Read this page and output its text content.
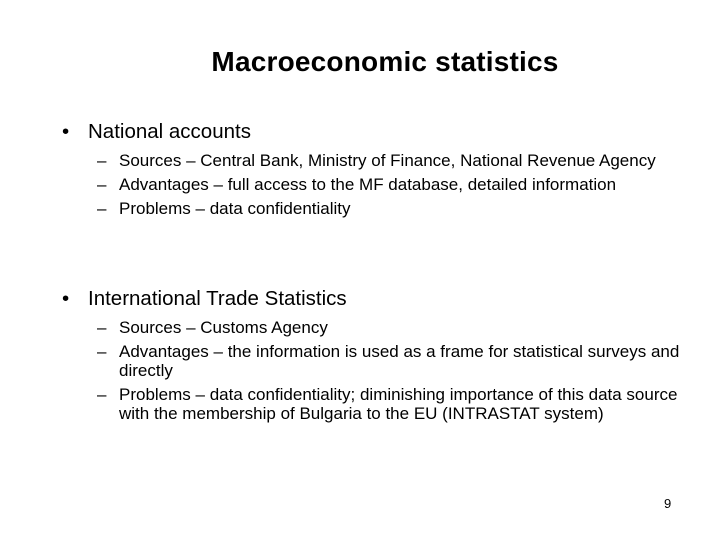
Macroeconomic statistics
• National accounts
– Sources – Central Bank, Ministry of Finance, National Revenue Agency
– Advantages – full access to the MF database, detailed information
– Problems – data confidentiality
• International Trade Statistics
– Sources – Customs Agency
– Advantages – the information is used as a frame for statistical surveys and directly
– Problems – data confidentiality; diminishing importance of this data source with the membership of Bulgaria to the EU (INTRASTAT system)
9
